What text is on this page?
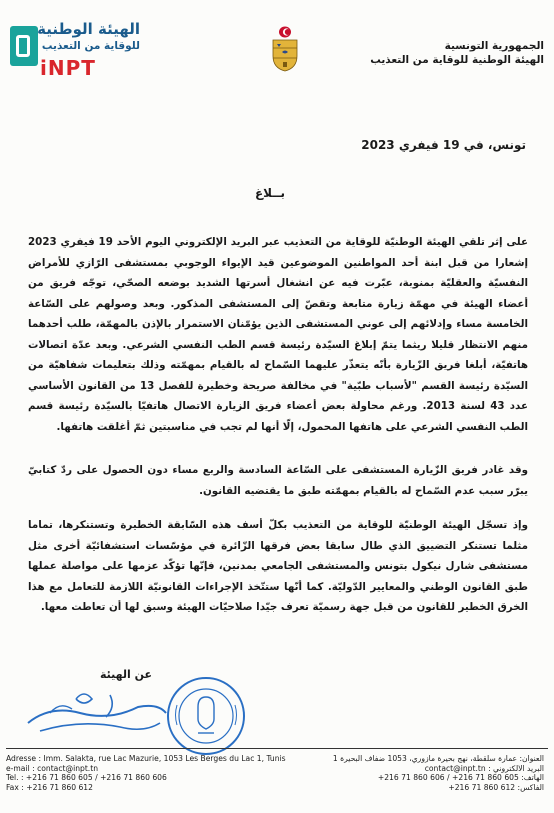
الهيئة الوطنية
للوقاية من التعذيب
iNPT
الجمهورية التونسية
الهيئة الوطنية للوقاية من التعذيب
تونس، في 19 فيفري 2023
بــلاغ
على إثر تلقي الهيئة الوطنيّة للوقاية من التعذيب عبر البريد الإلكتروني اليوم الأحد 19 فيفري 2023 إشعارا من قبل ابنة أحد المواطنين الموضوعين قيد الإيواء الوجوبي بمستشفى الرّازي للأمراض النفسيّة والعقليّة بمنوبة، عبّرت فيه عن انشغال أسرتها الشديد بوضعه الصحّي، توجّه فريق من أعضاء الهيئة في مهمّة زيارة متابعة وتقصّ إلى المستشفى المذكور. وبعد وصولهم على السّاعة الخامسة مساء وإدلائهم إلى عوني المستشفى الذين يؤمّنان الاستمرار بالإذن بالمهمّة، طلب أحدهما منهم الانتظار قليلا ريثما يتمّ إبلاغ السيّدة رئيسة قسم الطب النفسي الشرعي. وبعد عدّة اتصالات هاتفيّة، أبلغا فريق الزّيارة بأنّه يتعذّر عليهما السّماح له بالقيام بمهمّته وذلك بتعليمات شفاهيّة من السيّدة رئيسة القسم "لأسباب طبّية" في مخالفة صريحة وخطيرة للفصل 13 من القانون الأساسي عدد 43 لسنة 2013. ورغم محاولة بعض أعضاء فريق الزيارة الاتصال هاتفيّا بالسيّدة رئيسة قسم الطب النفسي الشرعي على هاتفها المحمول، إلّا أنها لم تجب في مناسبتين ثمّ أغلقت هاتفها.
وقد غادر فريق الزّيارة المستشفى على السّاعة السادسة والربع مساء دون الحصول على ردّ كتابيّ يبرّر سبب عدم السّماح له بالقيام بمهمّته طبق ما يقتضيه القانون.
وإذ تسجّل الهيئة الوطنيّة للوقاية من التعذيب بكلّ أسف هذه السّابقة الخطيرة وتستنكرها، تماما مثلما تستنكر التضييق الذي طال سابقا بعض فرقها الزّائرة في مؤسّسات استشفائيّة أخرى مثل مستشفى شارل نيكول بتونس والمستشفى الجامعي بمدنين، فإنّها تؤكّد عزمها على مواصلة عملها طبق القانون الوطني والمعايير الدّوليّة. كما أنّها ستتّخذ الإجراءات القانونيّة اللازمة للتعامل مع هذا الخرق الخطير للقانون من قبل جهة رسميّة تعرف جيّدا صلاحيّات الهيئة وسبق لها أن تعاطت معها.
عن الهيئة
Adresse : Imm. Salakta, rue Lac Mazurie, 1053 Les Berges du Lac 1, Tunis
e-mail : contact@inpt.tn
Tel. : +216 71 860 605 / +216 71 860 606
Fax : +216 71 860 612
العنوان: عمارة سلقطة، نهج بحيرة مازوري، 1053 ضفاف البحيرة 1
البريد الالكتروني : contact@inpt.tn
الهاتف: 605 860 71 216+ / 606 860 71 216+
الفاكس: 612 860 71 216+
